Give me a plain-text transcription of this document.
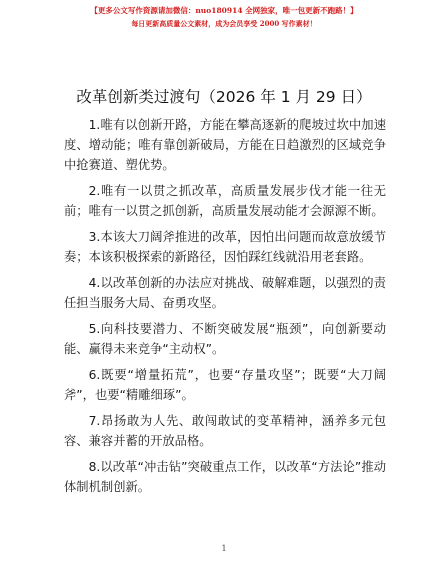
【更多公文写作资源请加微信：nuo180914 全网独家，唯一包更新不跑路！】
每日更新高质量公文素材，成为会员享受 2000 写作素材！
改革创新类过渡句（2026 年 1 月 29 日）

1.唯有以创新开路，方能在攀高逐新的爬坡过坎中加速度、增动能；唯有靠创新破局，方能在日趋激烈的区域竞争中抢赛道、塑优势。

2.唯有一以贯之抓改革，高质量发展步伐才能一往无前；唯有一以贯之抓创新，高质量发展动能才会源源不断。

3.本该大刀阔斧推进的改革，因怕出问题而故意放缓节奏；本该积极探索的新路径，因怕踩红线就沿用老套路。

4.以改革创新的办法应对挑战、破解难题，以强烈的责任担当服务大局、奋勇攻坚。

5.向科技要潜力、不断突破发展“瓶颈”，向创新要动能、赢得未来竞争“主动权”。

6.既要“增量拓荒”，也要“存量攻坚”；既要“大刀阔斧”，也要“精雕细琢”。

7.昂扬敢为人先、敢闯敢试的变革精神，涵养多元包容、兼容并蓄的开放品格。

8.以改革“冲击钻”突破重点工作，以改革“方法论”推动体制机制创新。

1
